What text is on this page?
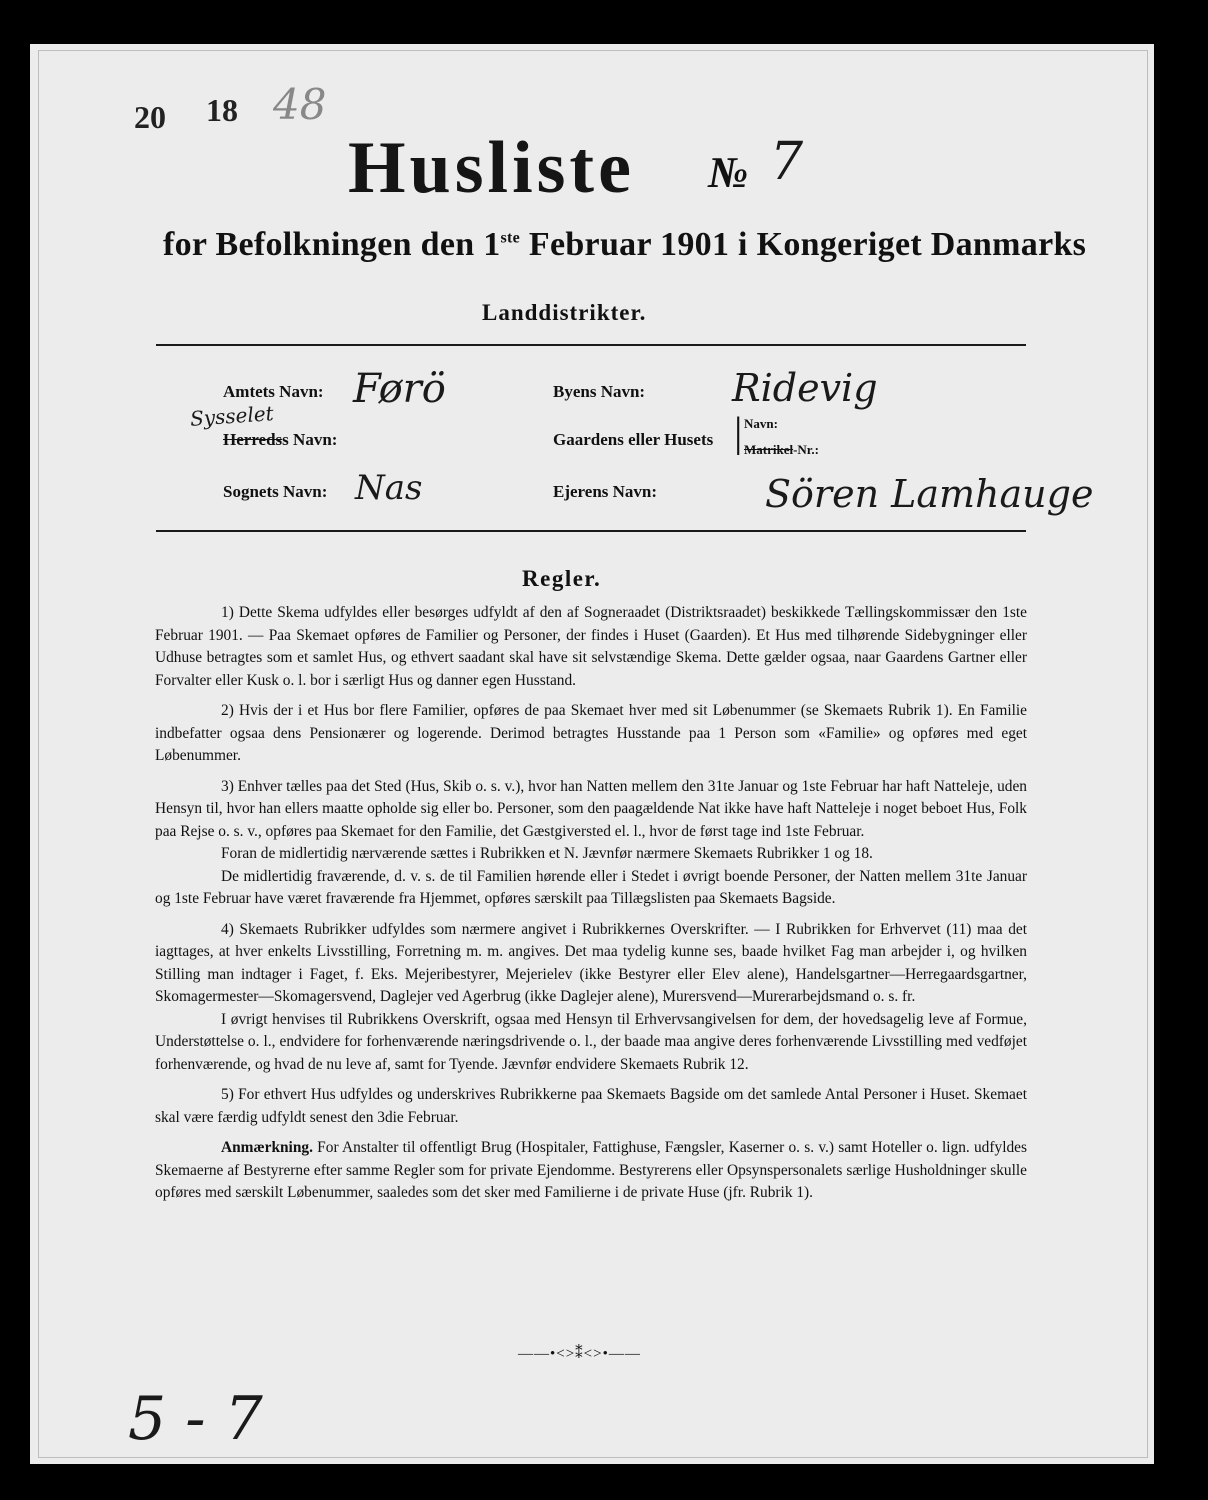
20 18 48
Husliste № 7
for Befolkningen den 1ste Februar 1901 i Kongeriget Danmarks
Landdistrikter.
Amtets Navn: Førö
Sysselet
Herredss Navn:
Sognets Navn: Nas
Byens Navn: Ridevig
Gaardens eller Husets | Navn:
Matrikel-Nr.:
Ejerens Navn:	Sören Lamhauge
Regler.

1) Dette Skema udfyldes eller besørges udfyldt af den af Sogneraadet (Distriktsraadet) beskikkede Tællingskommissær den 1ste Februar 1901. — Paa Skemaet opføres de Familier og Personer, der findes i Huset (Gaarden). Et Hus med tilhørende Sidebygninger eller Udhuse betragtes som et samlet Hus, og ethvert saadant skal have sit selvstændige Skema. Dette gælder ogsaa, naar Gaardens Gartner eller Forvalter eller Kusk o. l. bor i særligt Hus og danner egen Husstand.

2) Hvis der i et Hus bor flere Familier, opføres de paa Skemaet hver med sit Løbenummer (se Skemaets Rubrik 1). En Familie indbefatter ogsaa dens Pensionærer og logerende. Derimod betragtes Husstande paa 1 Person som «Familie» og opføres med eget Løbenummer.

3) Enhver tælles paa det Sted (Hus, Skib o. s. v.), hvor han Natten mellem den 31te Januar og 1ste Februar har haft Natteleje, uden Hensyn til, hvor han ellers maatte opholde sig eller bo. Personer, som den paagældende Nat ikke have haft Natteleje i noget beboet Hus, Folk paa Rejse o. s. v., opføres paa Skemaet for den Familie, det Gæstgiversted el. l., hvor de først tage ind 1ste Februar.

Foran de midlertidig nærværende sættes i Rubrikken et N. Jævnfør nærmere Skemaets Rubrikker 1 og 18.

De midlertidig fraværende, d. v. s. de til Familien hørende eller i Stedet i øvrigt boende Personer, der Natten mellem 31te Januar og 1ste Februar have været fraværende fra Hjemmet, opføres særskilt paa Tillægslisten paa Skemaets Bagside.

4) Skemaets Rubrikker udfyldes som nærmere angivet i Rubrikkernes Overskrifter. — I Rubrikken for Erhvervet (11) maa det iagttages, at hver enkelts Livsstilling, Forretning m. m. angives. Det maa tydelig kunne ses, baade hvilket Fag man arbejder i, og hvilken Stilling man indtager i Faget, f. Eks. Mejeribestyrer, Mejerielev (ikke Bestyrer eller Elev alene), Handelsgartner—Herregaardsgartner, Skomagermester—Skomagersvend, Daglejer ved Agerbrug (ikke Daglejer alene), Murersvend—Murerarbejdsmand o. s. fr.

I øvrigt henvises til Rubrikkens Overskrift, ogsaa med Hensyn til Erhvervsangivelsen for dem, der hovedsagelig leve af Formue, Understøttelse o. l., endvidere for forhenværende næringsdrivende o. l., der baade maa angive deres forhenværende Livsstilling med vedføjet forhenværende, og hvad de nu leve af, samt for Tyende. Jævnfør endvidere Skemaets Rubrik 12.

5) For ethvert Hus udfyldes og underskrives Rubrikkerne paa Skemaets Bagside om det samlede Antal Personer i Huset. Skemaet skal være færdig udfyldt senest den 3die Februar.

Anmærkning. For Anstalter til offentligt Brug (Hospitaler, Fattighuse, Fængsler, Kaserner o. s. v.) samt Hoteller o. lign. udfyldes Skemaerne af Bestyrerne efter samme Regler som for private Ejendomme. Bestyrerens eller Opsynspersonalets særlige Husholdninger skulle opføres med særskilt Løbenummer, saaledes som det sker med Familierne i de private Huse (jfr. Rubrik 1).

——•<>⁑<>•——
5 - 7
